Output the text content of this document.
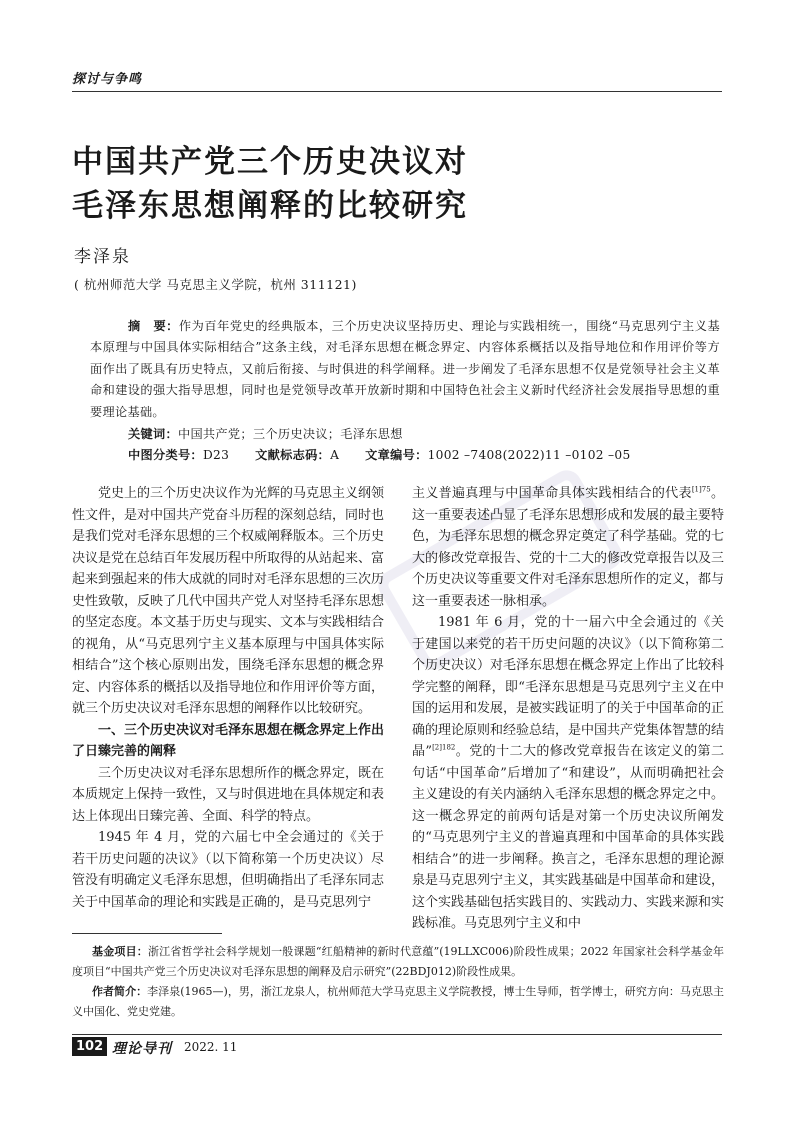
探讨与争鸣
中国共产党三个历史决议对
毛泽东思想阐释的比较研究
李泽泉
( 杭州师范大学 马克思主义学院，杭州 311121)

摘　要：作为百年党史的经典版本，三个历史决议坚持历史、理论与实践相统一，围绕“马克思列宁主义基本原理与中国具体实际相结合”这条主线，对毛泽东思想在概念界定、内容体系概括以及指导地位和作用评价等方面作出了既具有历史特点，又前后衔接、与时俱进的科学阐释。进一步阐发了毛泽东思想不仅是党领导社会主义革命和建设的强大指导思想，同时也是党领导改革开放新时期和中国特色社会主义新时代经济社会发展指导思想的重要理论基础。

关键词：中国共产党；三个历史决议；毛泽东思想
中图分类号：D23 文献标志码：A 文章编号：1002 –7408(2022)11 –0102 –05

党史上的三个历史决议作为光辉的马克思主义纲领性文件，是对中国共产党奋斗历程的深刻总结，同时也是我们党对毛泽东思想的三个权威阐释版本。三个历史决议是党在总结百年发展历程中所取得的从站起来、富起来到强起来的伟大成就的同时对毛泽东思想的三次历史性致敬，反映了几代中国共产党人对坚持毛泽东思想的坚定态度。本文基于历史与现实、文本与实践相结合的视角，从“马克思列宁主义基本原理与中国具体实际相结合”这个核心原则出发，围绕毛泽东思想的概念界定、内容体系的概括以及指导地位和作用评价等方面，就三个历史决议对毛泽东思想的阐释作以比较研究。

一、三个历史决议对毛泽东思想在概念界定上作出了日臻完善的阐释

三个历史决议对毛泽东思想所作的概念界定，既在本质规定上保持一致性，又与时俱进地在具体规定和表达上体现出日臻完善、全面、科学的特点。

1945 年 4 月，党的六届七中全会通过的《关于若干历史问题的决议》（以下简称第一个历史决议）尽管没有明确定义毛泽东思想，但明确指出了毛泽东同志关于中国革命的理论和实践是正确的，是马克思列宁

主义普遍真理与中国革命具体实践相结合的代表$^{[1]75}$。这一重要表述凸显了毛泽东思想形成和发展的最主要特色，为毛泽东思想的概念界定奠定了科学基础。党的七大的修改党章报告、党的十二大的修改党章报告以及三个历史决议等重要文件对毛泽东思想所作的定义，都与这一重要表述一脉相承。

1981 年 6 月，党的十一届六中全会通过的《关于建国以来党的若干历史问题的决议》（以下简称第二个历史决议）对毛泽东思想在概念界定上作出了比较科学完整的阐释，即“毛泽东思想是马克思列宁主义在中国的运用和发展，是被实践证明了的关于中国革命的正确的理论原则和经验总结，是中国共产党集体智慧的结晶”$^{[2]182}$。党的十二大的修改党章报告在该定义的第二句话“中国革命”后增加了“和建设”，从而明确把社会主义建设的有关内涵纳入毛泽东思想的概念界定之中。这一概念界定的前两句话是对第一个历史决议所阐发的“马克思列宁主义的普遍真理和中国革命的具体实践相结合”的进一步阐释。换言之，毛泽东思想的理论源泉是马克思列宁主义，其实践基础是中国革命和建设，这个实践基础包括实践目的、实践动力、实践来源和实践标准。马克思列宁主义和中

基金项目：浙江省哲学社会科学规划一般课题“红船精神的新时代意蕴”(19LLXC006)阶段性成果；2022 年国家社会科学基金年度项目“中国共产党三个历史决议对毛泽东思想的阐释及启示研究”(22BDJ012)阶段性成果。

作者简介：李泽泉(1965—)，男，浙江龙泉人，杭州师范大学马克思主义学院教授，博士生导师，哲学博士，研究方向：马克思主义中国化、党史党建。

102 理论导刊 2022. 11
